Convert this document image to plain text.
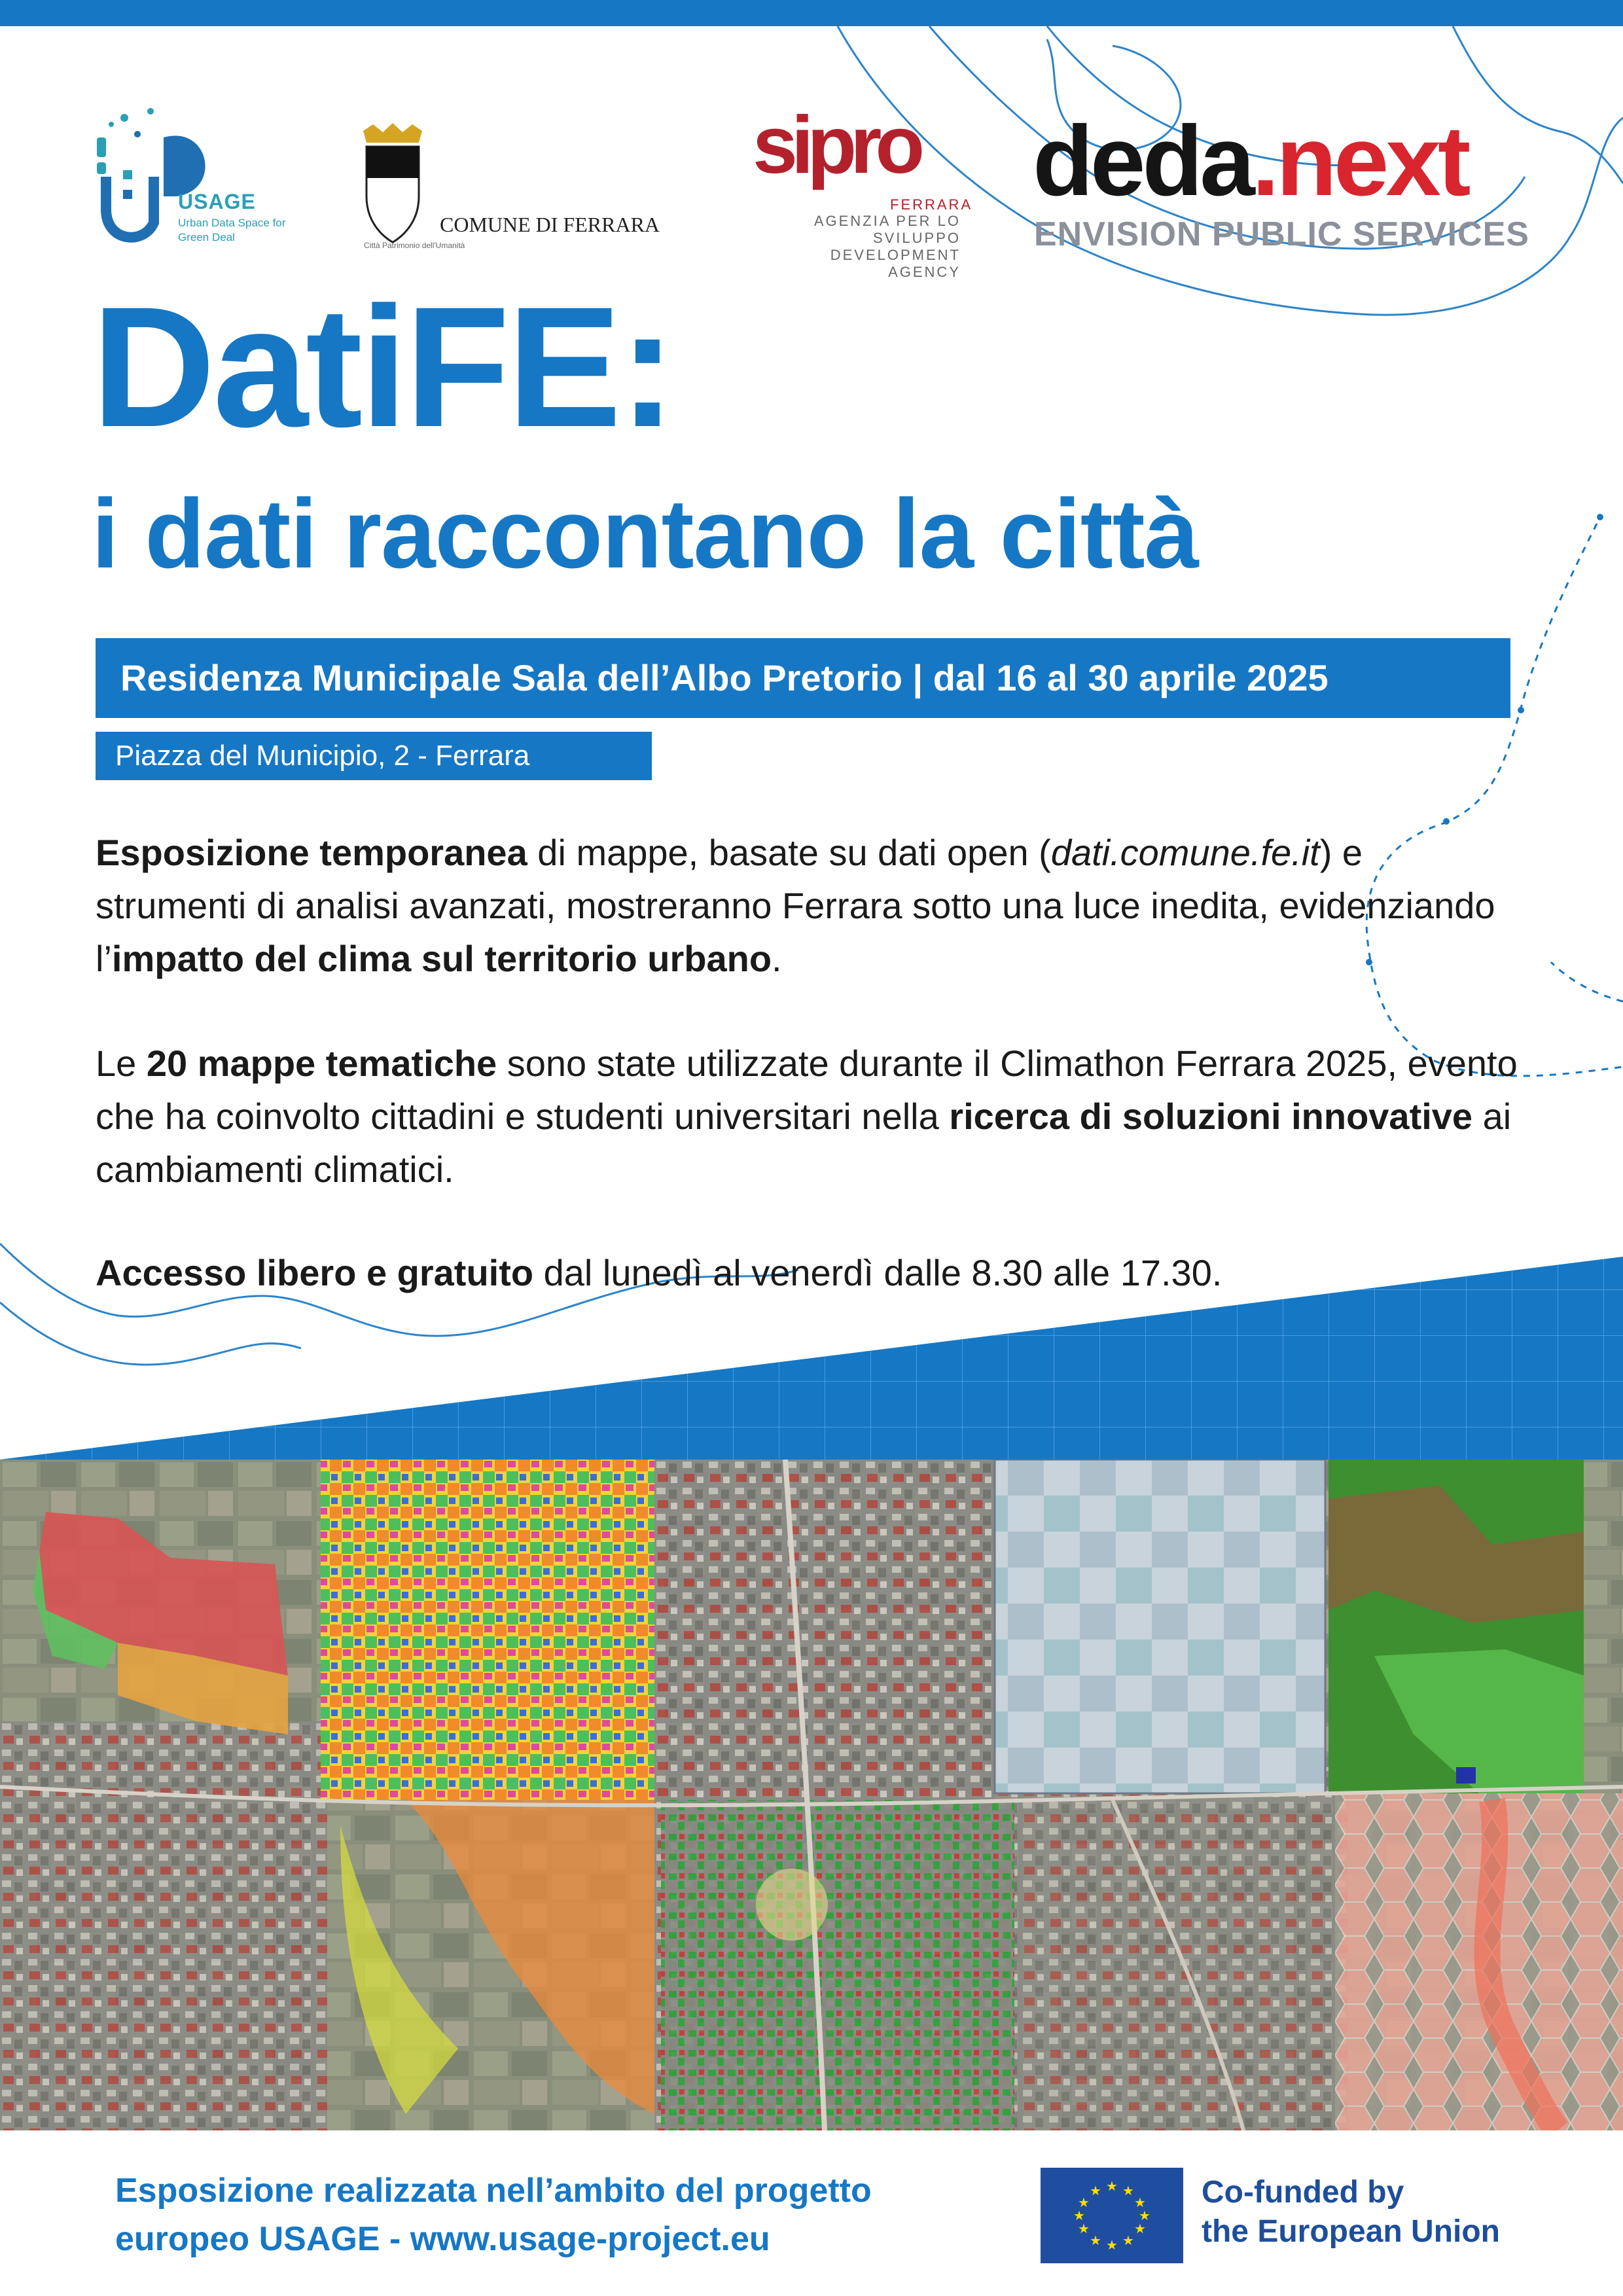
USAGE
Urban Data Space for Green Deal
COMUNE DI FERRARA
Città Patrimonio dell'Umanità
sipro
FERRARA
AGENZIA PER LO SVILUPPO
DEVELOPMENT AGENCY
deda.next
ENVISION PUBLIC SERVICES
DatiFE:
i dati raccontano la città
Residenza Municipale Sala dell’Albo Pretorio | dal 16 al 30 aprile 2025
Piazza del Municipio, 2 - Ferrara
Esposizione temporanea di mappe, basate su dati open (dati.comune.fe.it) e strumenti di analisi avanzati, mostreranno Ferrara sotto una luce inedita, evidenziando l’impatto del clima sul territorio urbano.
Le 20 mappe tematiche sono state utilizzate durante il Climathon Ferrara 2025, evento che ha coinvolto cittadini e studenti universitari nella ricerca di soluzioni innovative ai cambiamenti climatici.
Accesso libero e gratuito dal lunedì al venerdì dalle 8.30 alle 17.30.
Esposizione realizzata nell’ambito del progetto
europeo USAGE - www.usage-project.eu
★ ★
★
★
★
★
★
★
★
★
★
★	Co-funded by
the European Union
